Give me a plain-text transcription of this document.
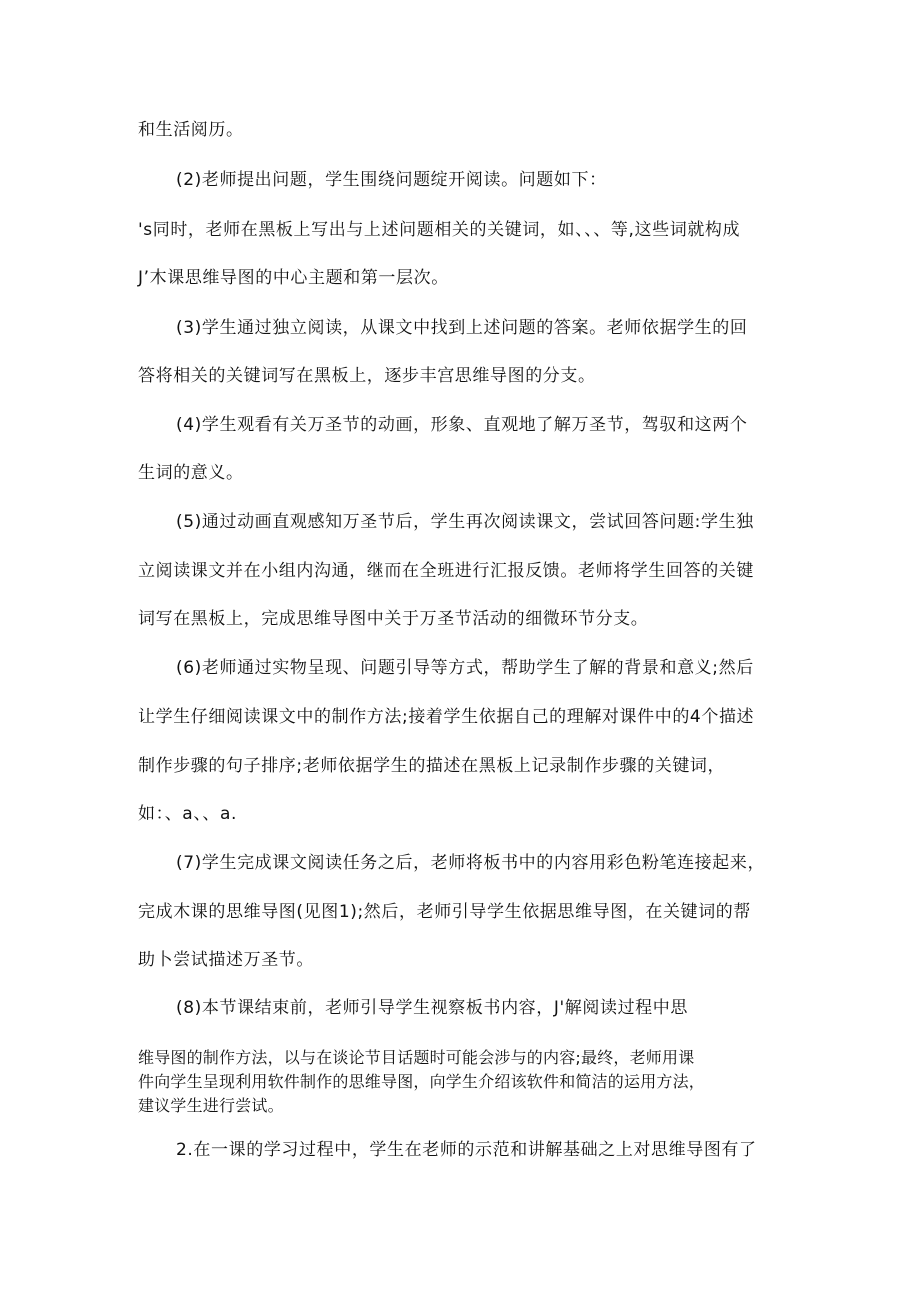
和生活阅历。
(2)老师提出问题，学生围绕问题绽开阅读。问题如下：
's同时，老师在黑板上写出与上述问题相关的关键词，如、、、等,这些词就构成
J’木课思维导图的中心主题和第一层次。
(3)学生通过独立阅读，从课文中找到上述问题的答案。老师依据学生的回
答将相关的关键词写在黑板上，逐步丰宫思维导图的分支。
(4)学生观看有关万圣节的动画，形象、直观地了解万圣节，驾驭和这两个
生词的意义。
(5)通过动画直观感知万圣节后，学生再次阅读课文，尝试回答问题:学生独
立阅读课文并在小组内沟通，继而在全班进行汇报反馈。老师将学生回答的关键
词写在黑板上，完成思维导图中关于万圣节活动的细微环节分支。
(6)老师通过实物呈现、问题引导等方式，帮助学生了解的背景和意义;然后
让学生仔细阅读课文中的制作方法;接着学生依据自己的理解对课件中的4个描述
制作步骤的句子排序;老师依据学生的描述在黑板上记录制作步骤的关键词，
如：、a、、a.
(7)学生完成课文阅读任务之后，老师将板书中的内容用彩色粉笔连接起来，
完成木课的思维导图(见图1);然后，老师引导学生依据思维导图，在关键词的帮
助卜尝试描述万圣节。
(8)本节课结束前，老师引导学生视察板书内容，J'解阅读过程中思
维导图的制作方法，以与在谈论节目话题时可能会涉与的内容;最终，老师用课
件向学生呈现利用软件制作的思维导图，向学生介绍该软件和简洁的运用方法，
建议学生进行尝试。
2.在一课的学习过程中，学生在老师的示范和讲解基础之上对思维导图有了
